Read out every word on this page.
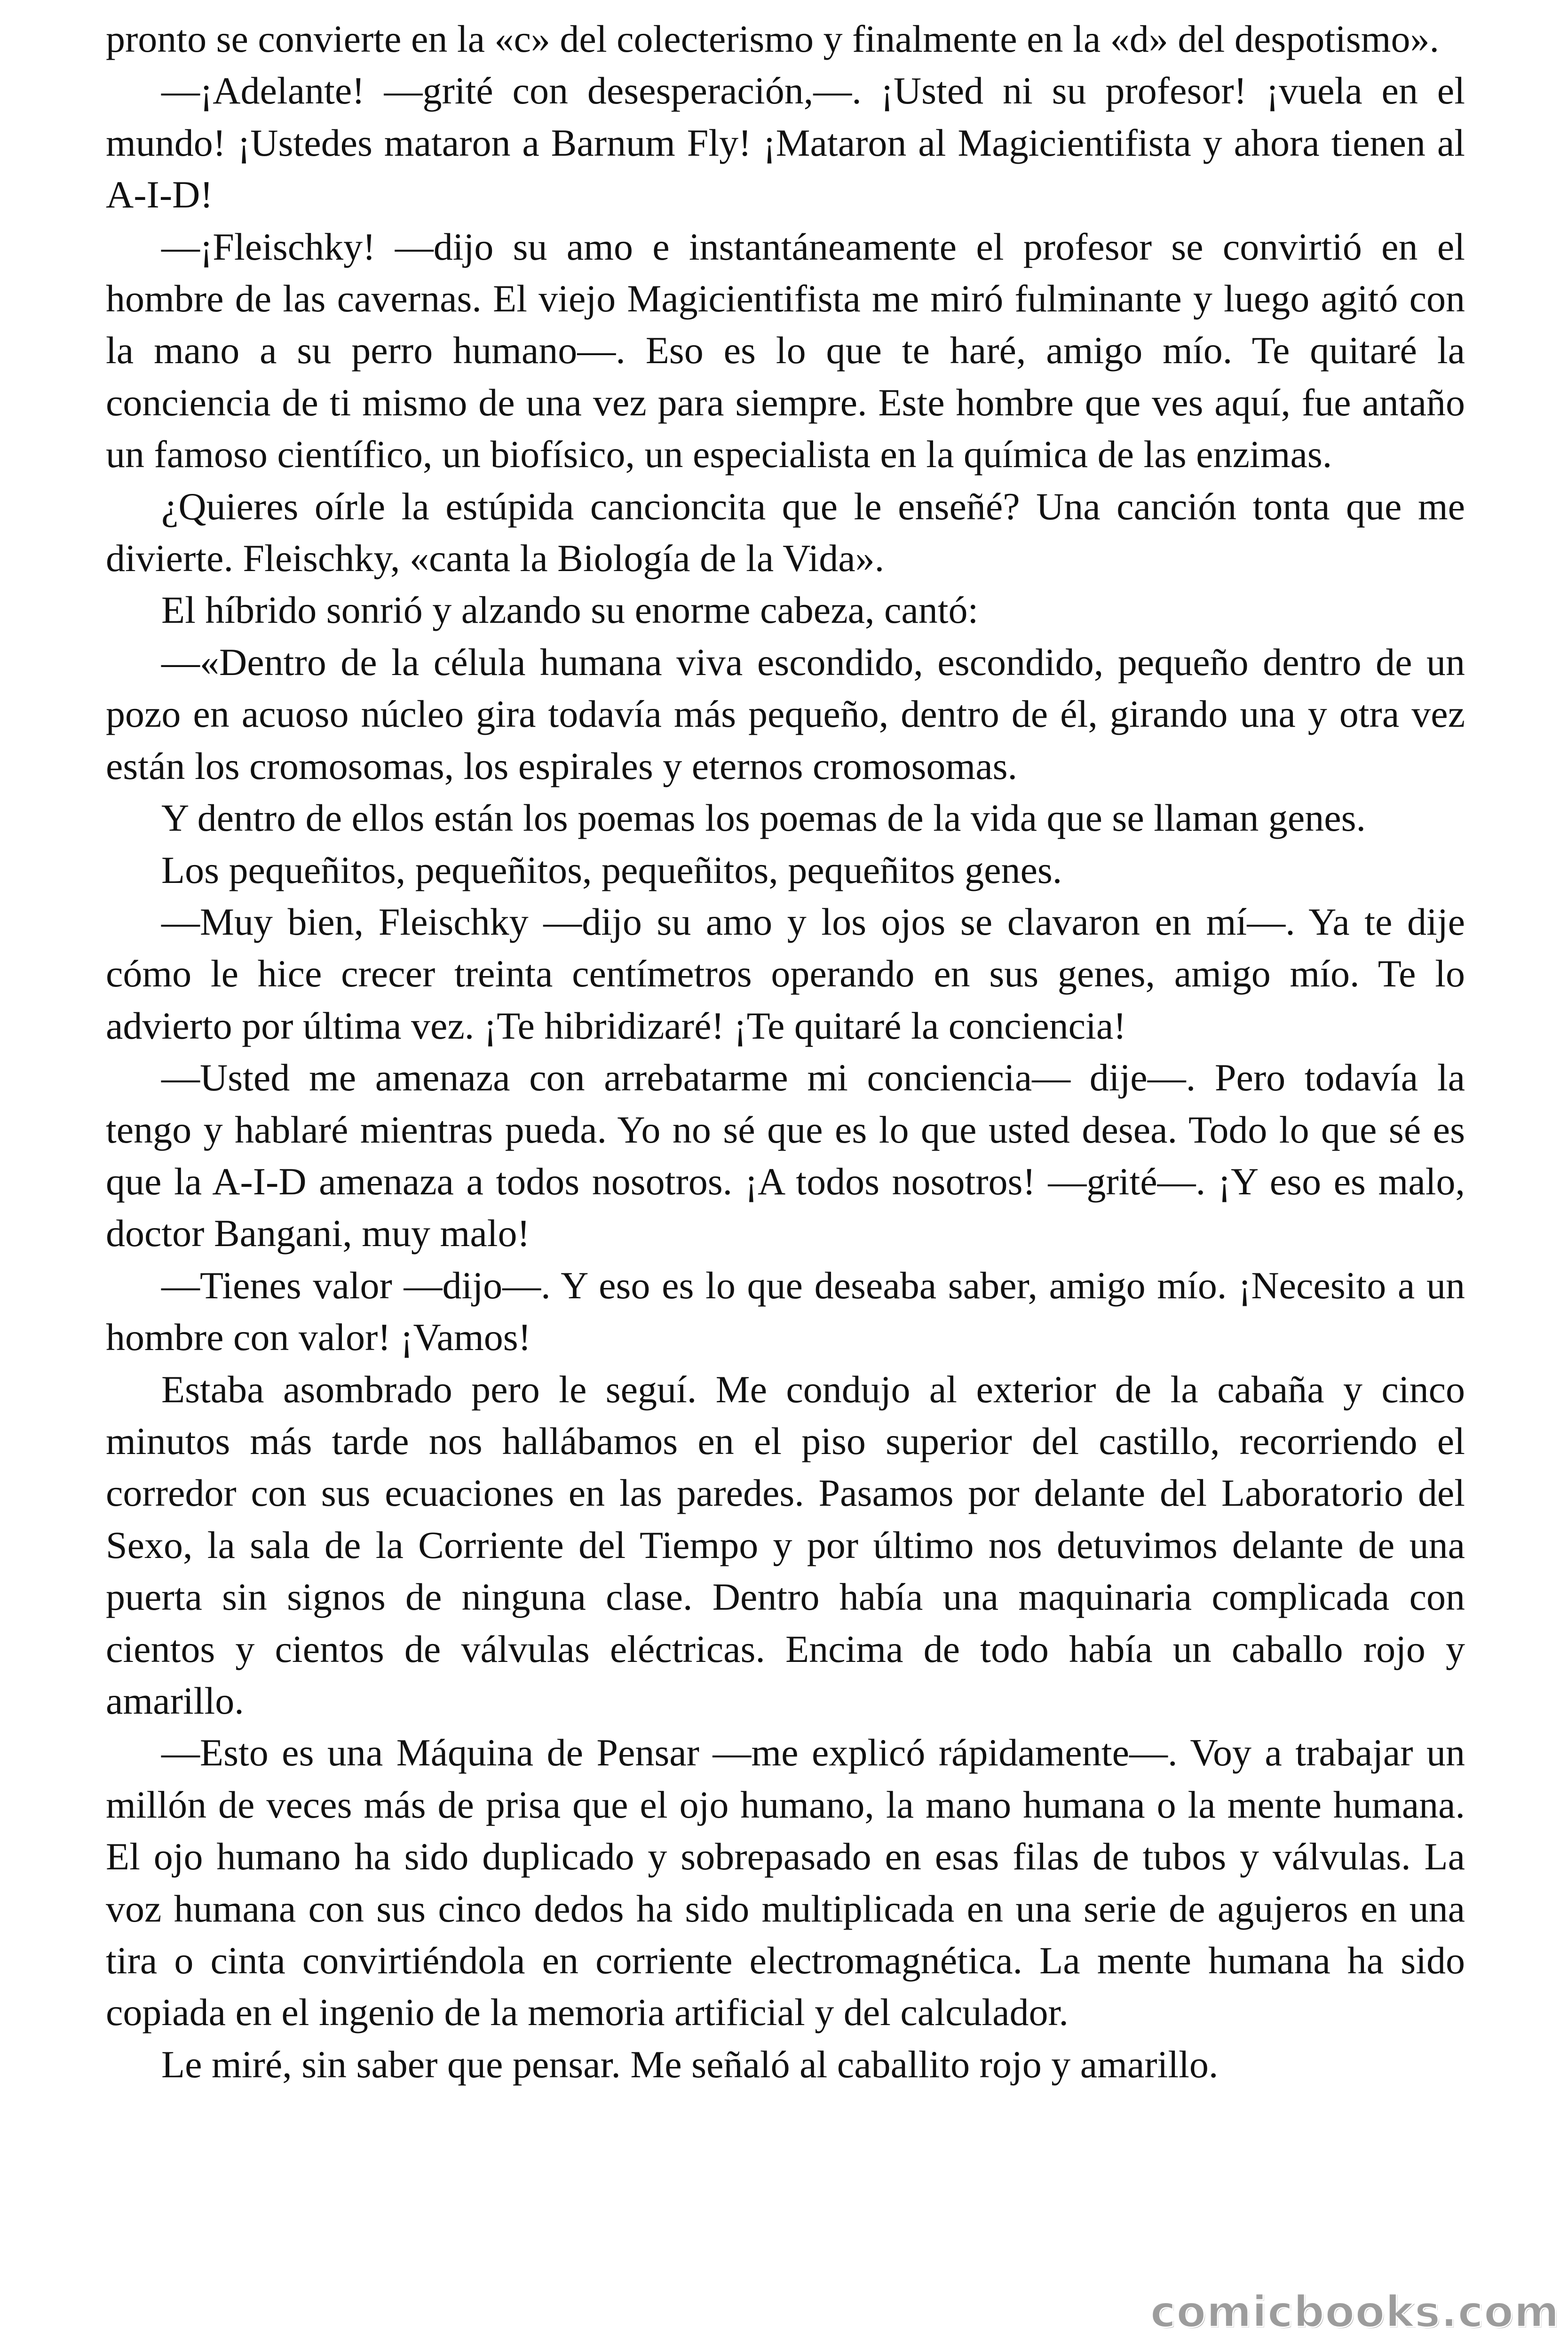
pronto se convierte en la «c» del colecterismo y finalmente en la «d» del despotismo».

—¡Adelante! —grité con desesperación,—. ¡Usted ni su profesor! ¡vuela en el mundo! ¡Ustedes mataron a Barnum Fly! ¡Mataron al Magicientifista y ahora tienen al A-I-D!

—¡Fleischky! —dijo su amo e instantáneamente el profesor se convirtió en el hombre de las cavernas. El viejo Magicientifista me miró fulminante y luego agitó con la mano a su perro humano—. Eso es lo que te haré, amigo mío. Te quitaré la conciencia de ti mismo de una vez para siempre. Este hombre que ves aquí, fue antaño un famoso científico, un biofísico, un especialista en la química de las enzimas.

¿Quieres oírle la estúpida cancioncita que le enseñé? Una canción tonta que me divierte. Fleischky, «canta la Biología de la Vida».

El híbrido sonrió y alzando su enorme cabeza, cantó:

—«Dentro de la célula humana viva escondido, escondido, pequeño dentro de un pozo en acuoso núcleo gira todavía más pequeño, dentro de él, girando una y otra vez están los cromosomas, los espirales y eternos cromosomas.

Y dentro de ellos están los poemas los poemas de la vida que se llaman genes.

Los pequeñitos, pequeñitos, pequeñitos, pequeñitos genes.

—Muy bien, Fleischky —dijo su amo y los ojos se clavaron en mí—. Ya te dije cómo le hice crecer treinta centímetros operando en sus genes, amigo mío. Te lo advierto por última vez. ¡Te hibridizaré! ¡Te quitaré la conciencia!

—Usted me amenaza con arrebatarme mi conciencia— dije—. Pero todavía la tengo y hablaré mientras pueda. Yo no sé que es lo que usted desea. Todo lo que sé es que la A-I-D amenaza a todos nosotros. ¡A todos nosotros! —grité—. ¡Y eso es malo, doctor Bangani, muy malo!

—Tienes valor —dijo—. Y eso es lo que deseaba saber, amigo mío. ¡Necesito a un hombre con valor! ¡Vamos!

Estaba asombrado pero le seguí. Me condujo al exterior de la cabaña y cinco minutos más tarde nos hallábamos en el piso superior del castillo, recorriendo el corredor con sus ecuaciones en las paredes. Pasamos por delante del Laboratorio del Sexo, la sala de la Corriente del Tiempo y por último nos detuvimos delante de una puerta sin signos de ninguna clase. Dentro había una maquinaria complicada con cientos y cientos de válvulas eléctricas. Encima de todo había un caballo rojo y amarillo.

—Esto es una Máquina de Pensar —me explicó rápidamente—. Voy a trabajar un millón de veces más de prisa que el ojo humano, la mano humana o la mente humana. El ojo humano ha sido duplicado y sobrepasado en esas filas de tubos y válvulas. La voz humana con sus cinco dedos ha sido multiplicada en una serie de agujeros en una tira o cinta convirtiéndola en corriente electromagnética. La mente humana ha sido copiada en el ingenio de la memoria artificial y del calculador.

Le miré, sin saber que pensar. Me señaló al caballito rojo y amarillo.

comicbooks.com
